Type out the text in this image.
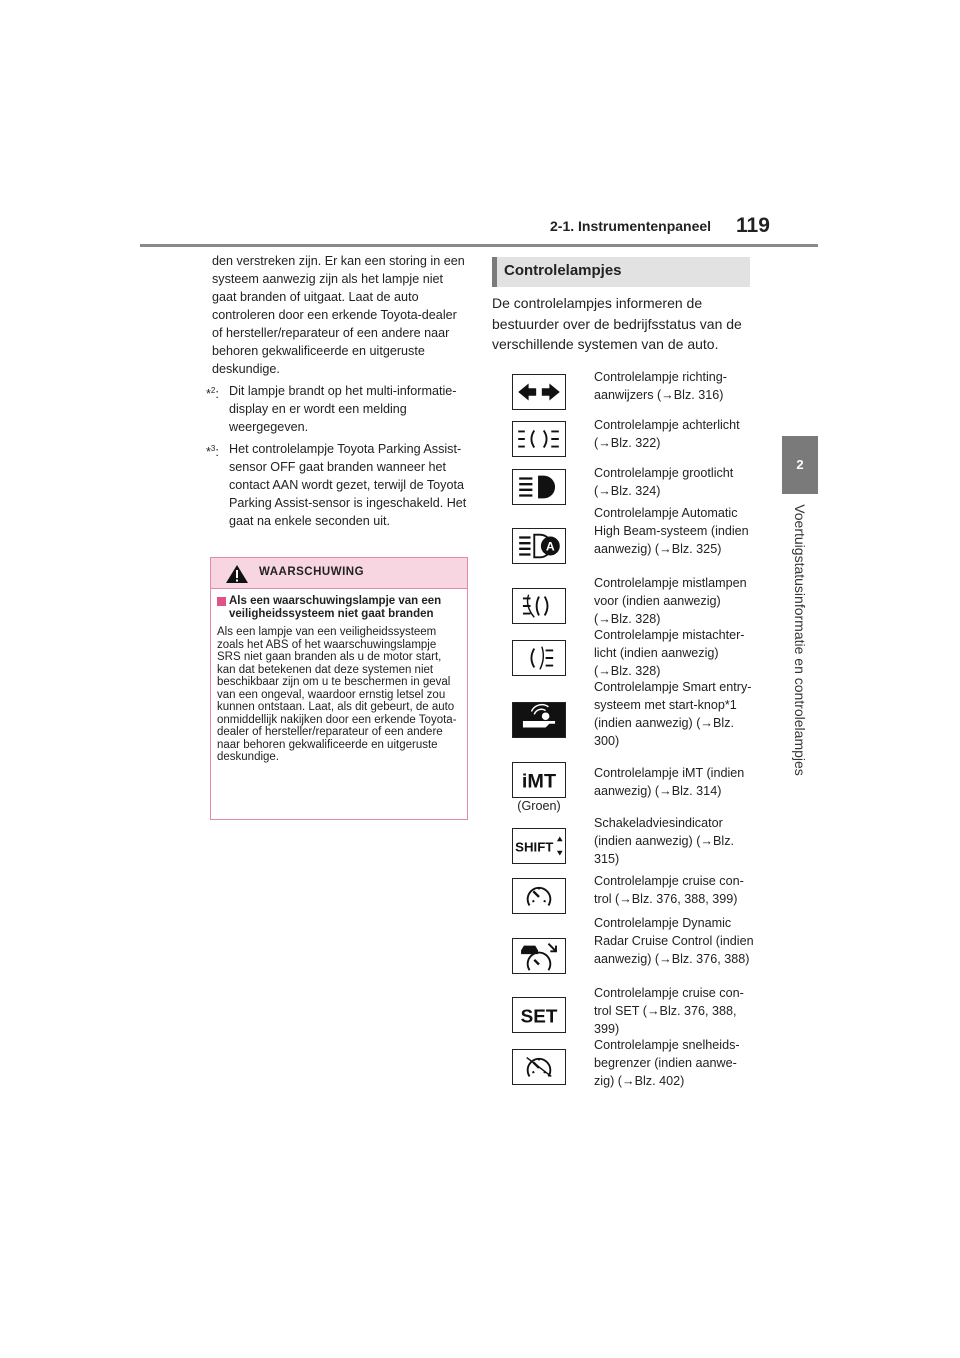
2-1. Instrumentenpaneel 119
2
Voertuigstatusinformatie en controlelampjes

den verstreken zijn. Er kan een storing in een systeem aanwezig zijn als het lampje niet gaat branden of uitgaat. Laat de auto controleren door een erkende Toyota-dealer of hersteller/reparateur of een andere naar behoren gekwalificeerde en uitgeruste deskundige.

*$^2$: Dit lampje brandt op het multi-informatie-display en er wordt een melding weergegeven.

*$^3$: Het controlelampje Toyota Parking Assist-sensor OFF gaat branden wanneer het contact AAN wordt gezet, terwijl de Toyota Parking Assist-sensor is ingeschakeld. Het gaat na enkele seconden uit.

WAARSCHUWING
Als een waarschuwingslampje van een veiligheidssysteem niet gaat branden
Als een lampje van een veiligheidssysteem zoals het ABS of het waarschuwingslampje SRS niet gaan branden als u de motor start, kan dat betekenen dat deze systemen niet beschikbaar zijn om u te beschermen in geval van een ongeval, waardoor ernstig letsel zou kunnen ontstaan. Laat, als dit gebeurt, de auto onmiddellijk nakijken door een erkende Toyota-dealer of hersteller/reparateur of een andere naar behoren gekwalificeerde en uitgeruste deskundige.
Controlelampjes
De controlelampjes informeren de bestuurder over de bedrijfsstatus van de verschillende systemen van de auto.
Controlelampje richting-aanwijzers (→Blz. 316)
Controlelampje achterlicht (→Blz. 322)
Controlelampje grootlicht (→Blz. 324)
A
Controlelampje Automatic High Beam-systeem (indien aanwezig) (→Blz. 325)
Controlelampje mistlampen voor (indien aanwezig) (→Blz. 328)
Controlelampje mistachter-licht (indien aanwezig) (→Blz. 328)
Controlelampje Smart entry-systeem met start-knop*1 (indien aanwezig) (→Blz. 300)
iMT
(Groen)
Controlelampje iMT (indien aanwezig) (→Blz. 314)
SHIFT
Schakeladviesindicator (indien aanwezig) (→Blz. 315)
Controlelampje cruise con-trol (→Blz. 376, 388, 399)
Controlelampje Dynamic Radar Cruise Control (indien aanwezig) (→Blz. 376, 388)
SET
Controlelampje cruise con-trol SET (→Blz. 376, 388, 399)
Controlelampje snelheids-begrenzer (indien aanwe-zig) (→Blz. 402)
